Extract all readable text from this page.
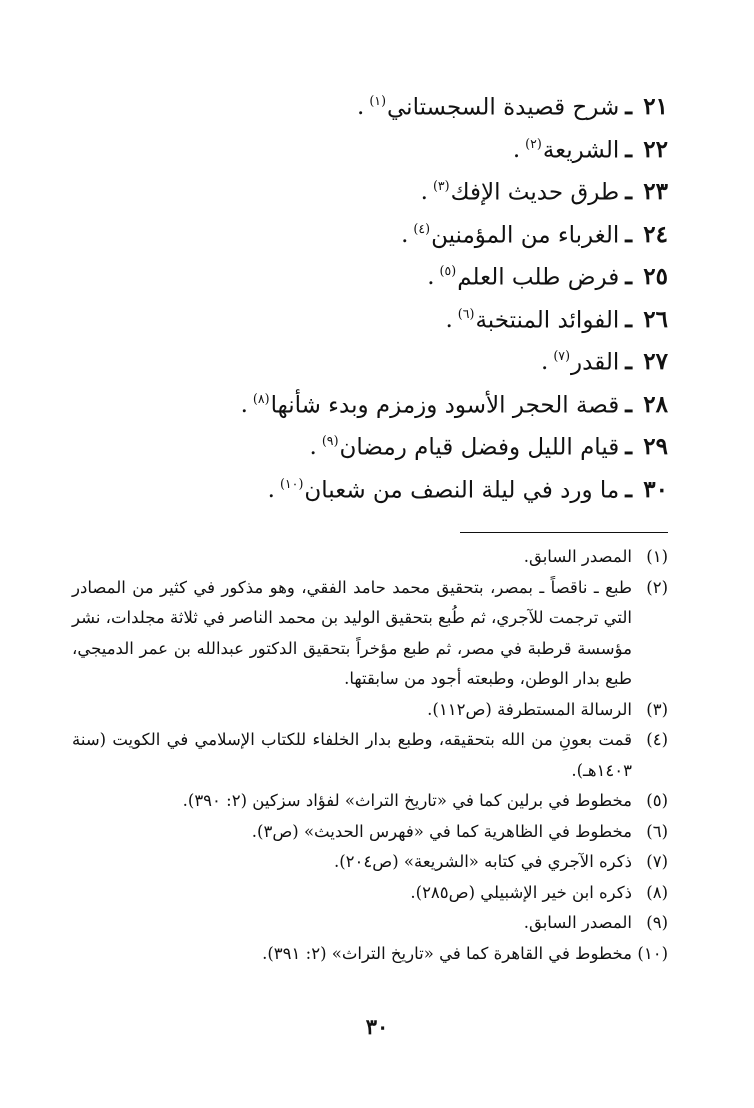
٢١ـشرح قصيدة السجستاني$^{(١)}$.
٢٢ـالشريعة$^{(٢)}$.
٢٣ـطرق حديث الإفك$^{(٣)}$.
٢٤ـالغرباء من المؤمنين$^{(٤)}$.
٢٥ـفرض طلب العلم$^{(٥)}$.
٢٦ـالفوائد المنتخبة$^{(٦)}$.
٢٧ـالقدر$^{(٧)}$.
٢٨ـقصة الحجر الأسود وزمزم وبدء شأنها$^{(٨)}$.
٢٩ـقيام الليل وفضل قيام رمضان$^{(٩)}$.
٣٠ـما ورد في ليلة النصف من شعبان$^{(١٠)}$.
(١)
المصدر السابق.
(٢)
طبع ـ ناقصاً ـ بمصر، بتحقيق محمد حامد الفقي، وهو مذكور في كثير من المصادر التي ترجمت للآجري، ثم طُبع بتحقيق الوليد بن محمد الناصر في ثلاثة مجلدات، نشر مؤسسة قرطبة في مصر، ثم طبع مؤخراً بتحقيق الدكتور عبدالله بن عمر الدميجي، طبع بدار الوطن، وطبعته أجود من سابقتها.
(٣)
الرسالة المستطرفة (ص١١٢).
(٤)
قمت بعونِ من الله بتحقيقه، وطبع بدار الخلفاء للكتاب الإسلامي في الكويت (سنة ١٤٠٣هـ).
(٥)
مخطوط في برلين كما في «تاريخ التراث» لفؤاد سزكين (٢: ٣٩٠).
(٦)
مخطوط في الظاهرية كما في «فهرس الحديث» (ص٣).
(٧)
ذكره الآجري في كتابه «الشريعة» (ص٢٠٤).
(٨)
ذكره ابن خير الإشبيلي (ص٢٨٥).
(٩)
المصدر السابق.
(١٠)
مخطوط في القاهرة كما في «تاريخ التراث» (٢: ٣٩١).
٣٠
